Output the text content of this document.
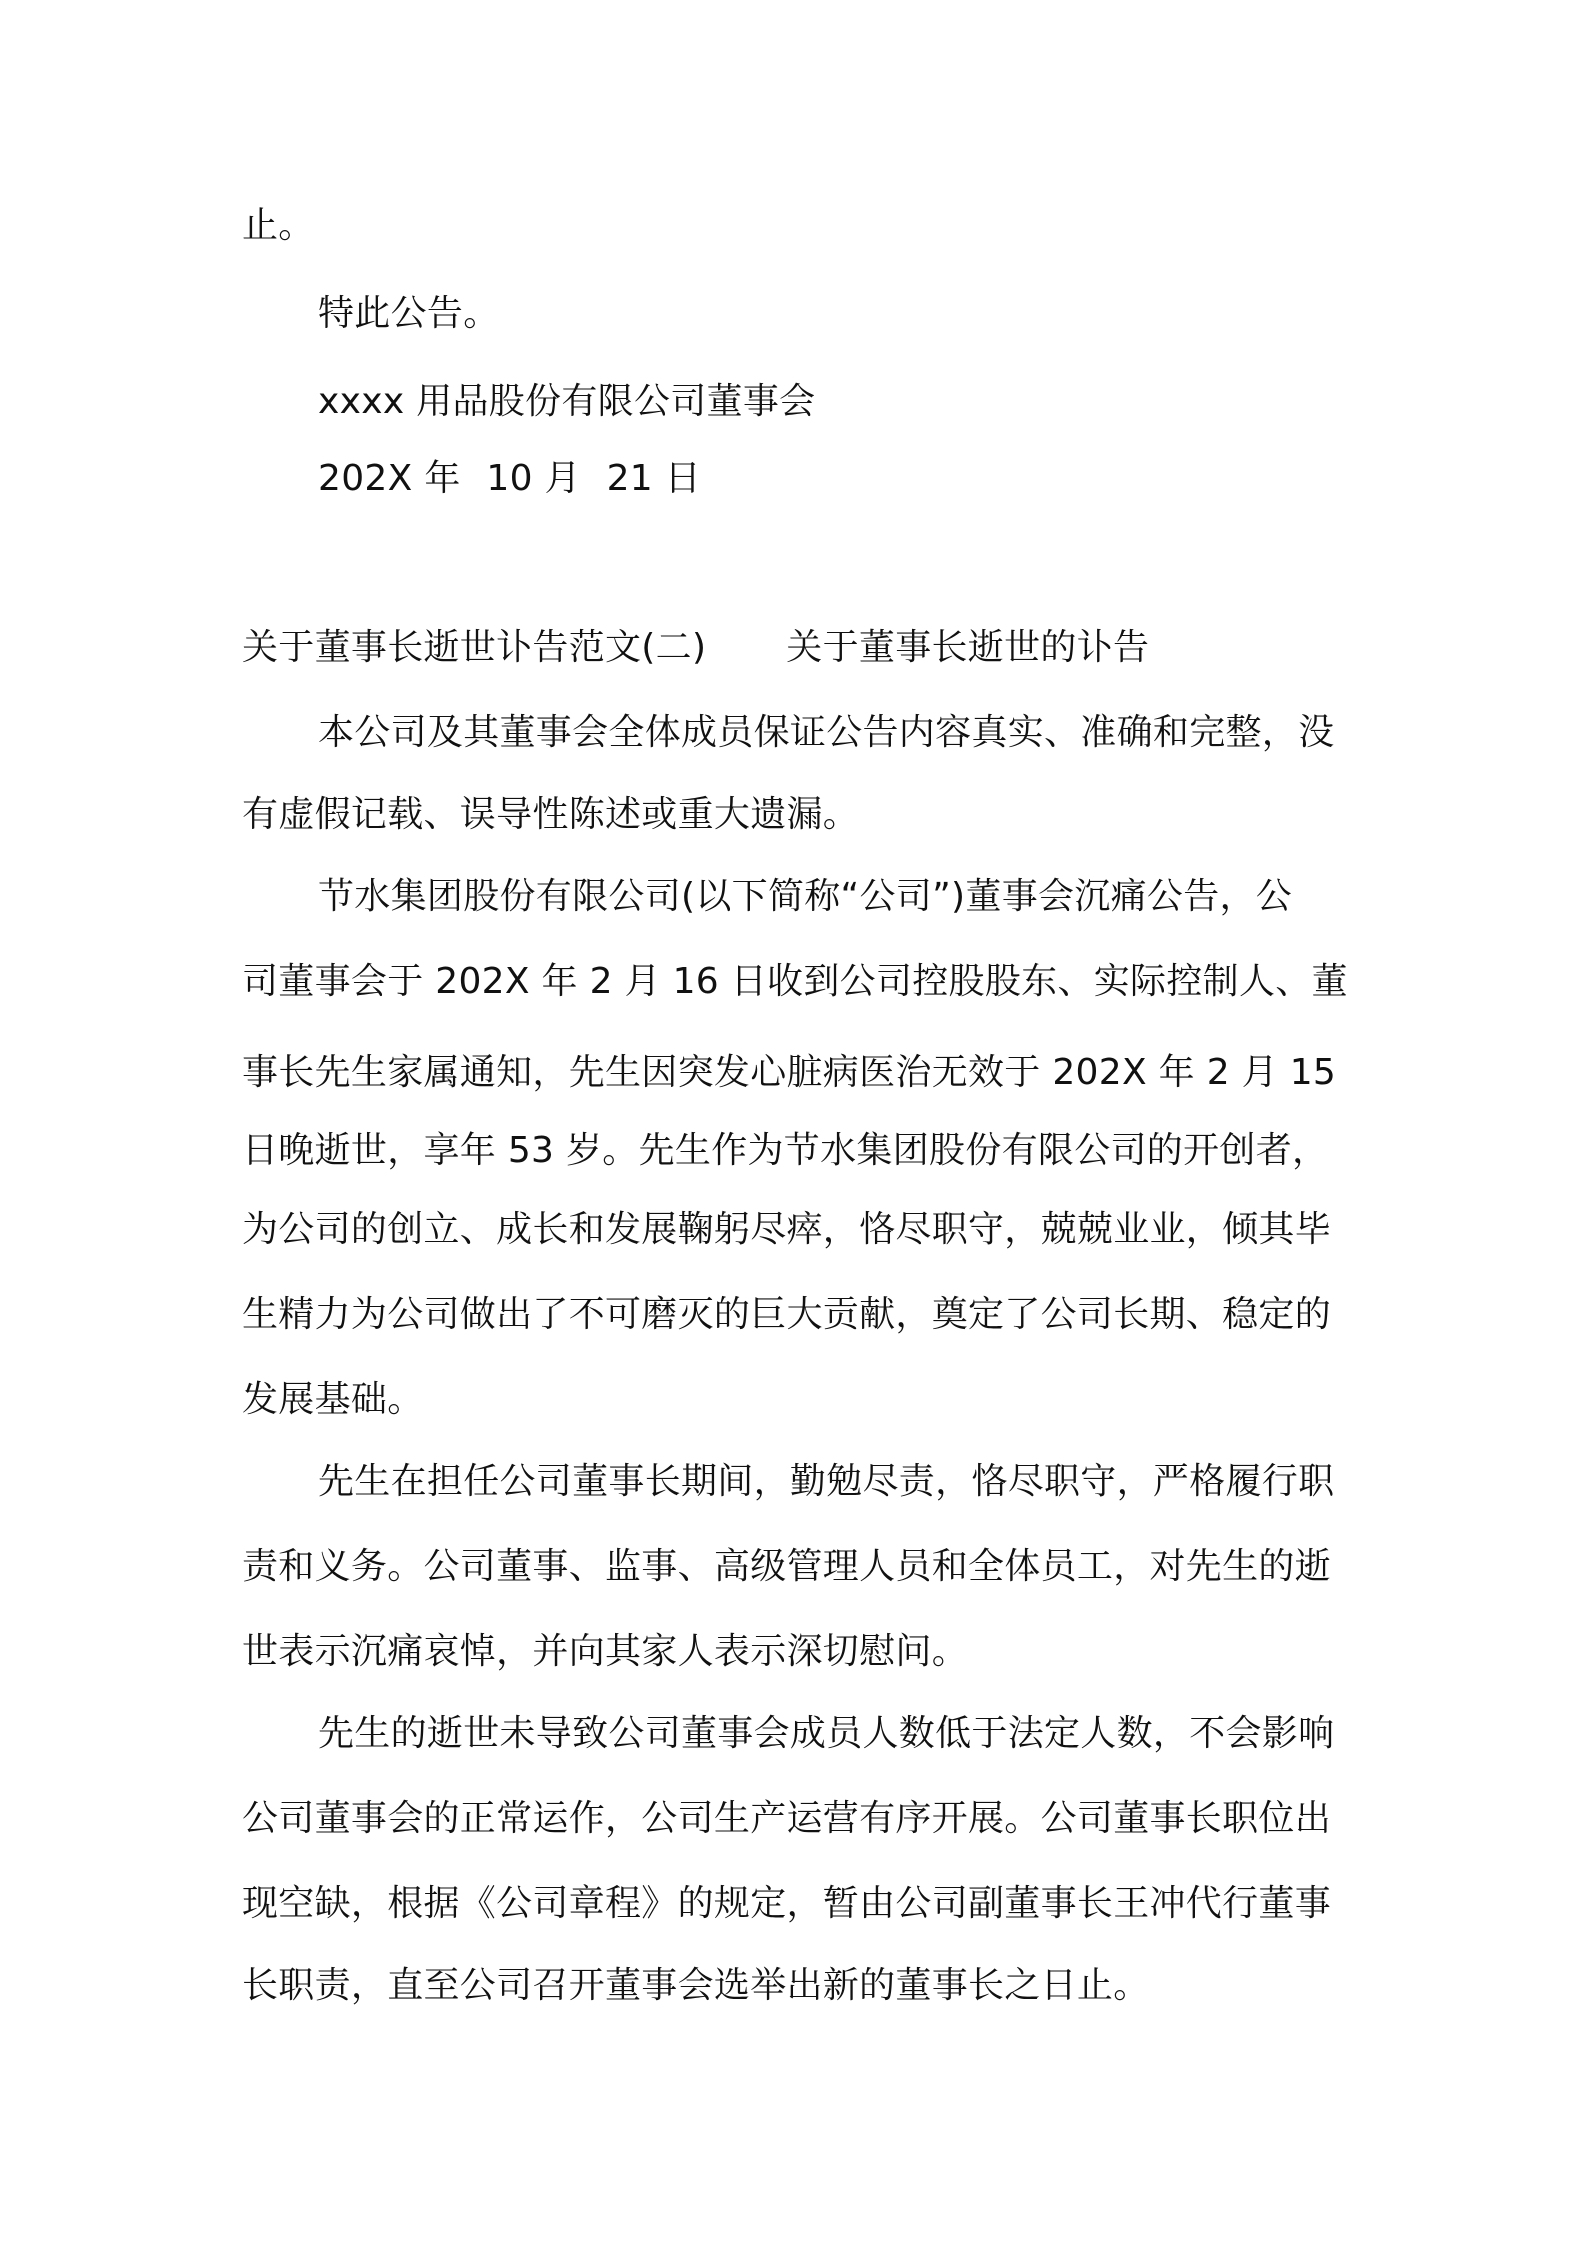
止。
特此公告。
xxxx 用品股份有限公司董事会
202X 年 10 月 21 日
关于董事长逝世讣告范文(二) 关于董事长逝世的讣告
本公司及其董事会全体成员保证公告内容真实、准确和完整，没
有虚假记载、误导性陈述或重大遗漏。
节水集团股份有限公司(以下简称“公司”)董事会沉痛公告，公
司董事会于 202X 年 2 月 16 日收到公司控股股东、实际控制人、董
事长先生家属通知，先生因突发心脏病医治无效于 202X 年 2 月 15
日晚逝世，享年 53 岁。先生作为节水集团股份有限公司的开创者，
为公司的创立、成长和发展鞠躬尽瘁，恪尽职守，兢兢业业，倾其毕
生精力为公司做出了不可磨灭的巨大贡献，奠定了公司长期、稳定的
发展基础。
先生在担任公司董事长期间，勤勉尽责，恪尽职守，严格履行职
责和义务。公司董事、监事、高级管理人员和全体员工，对先生的逝
世表示沉痛哀悼，并向其家人表示深切慰问。
先生的逝世未导致公司董事会成员人数低于法定人数，不会影响
公司董事会的正常运作，公司生产运营有序开展。公司董事长职位出
现空缺，根据《公司章程》的规定，暂由公司副董事长王冲代行董事
长职责，直至公司召开董事会选举出新的董事长之日止。
